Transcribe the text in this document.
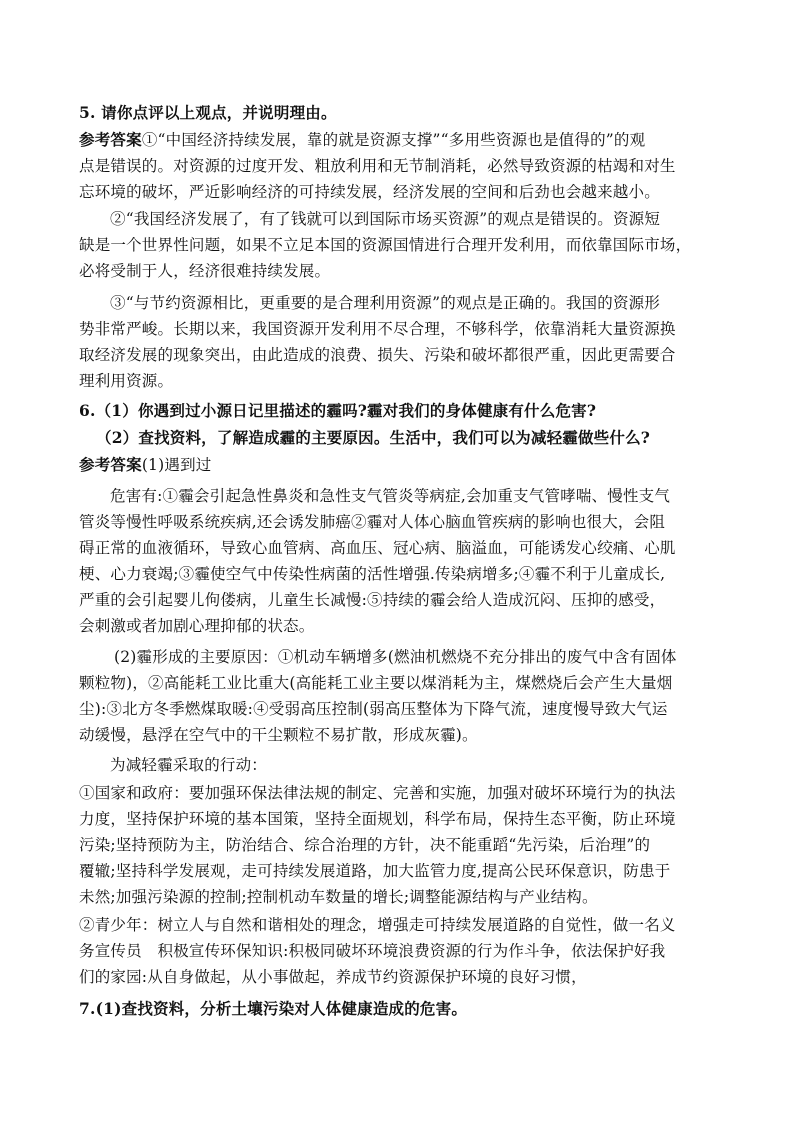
5. 请你点评以上观点，并说明理由。
参考答案①“中国经济持续发展，靠的就是资源支撑”“多用些资源也是值得的”的观
点是错误的。对资源的过度开发、粗放利用和无节制消耗，必然导致资源的枯竭和对生
忘环境的破坏，严近影响经济的可持续发展，经济发展的空间和后劲也会越来越小。
②“我国经济发展了，有了钱就可以到国际市场买资源”的观点是错误的。资源短
缺是一个世界性问题，如果不立足本国的资源国情进行合理开发利用，而依靠国际市场，
必将受制于人，经济很难持续发展。
③“与节约资源相比，更重要的是合理利用资源”的观点是正确的。我国的资源形
势非常严峻。长期以来，我国资源开发利用不尽合理，不够科学，依靠消耗大量资源换
取经济发展的现象突出，由此造成的浪费、损失、污染和破坏都很严重，因此更需要合
理利用资源。
6.（1）你遇到过小源日记里描述的霾吗?霾对我们的身体健康有什么危害?
（2）查找资料，了解造成霾的主要原因。生活中，我们可以为减轻霾做些什么?
参考答案(1)遇到过
危害有:①霾会引起急性鼻炎和急性支气管炎等病症,会加重支气管哮喘、慢性支气
管炎等慢性呼吸系统疾病,还会诱发肺癌②霾对人体心脑血管疾病的影响也很大，会阻
碍正常的血液循环，导致心血管病、高血压、冠心病、脑溢血，可能诱发心绞痛、心肌
梗、心力衰竭;③霾使空气中传染性病菌的活性增强.传染病增多;④霾不利于儿童成长,
严重的会引起婴儿佝偻病，儿童生长减慢:⑤持续的霾会给人造成沉闷、压抑的感受，
会刺激或者加剧心理抑郁的状态。
(2)霾形成的主要原因：①机动车辆增多(燃油机燃烧不充分排出的废气中含有固体
颗粒物)，②高能耗工业比重大(高能耗工业主要以煤消耗为主，煤燃烧后会产生大量烟
尘):③北方冬季燃煤取暖:④受弱高压控制(弱高压整体为下降气流，速度慢导致大气运
动缓慢，悬浮在空气中的干尘颗粒不易扩散，形成灰霾)。
为减轻霾采取的行动：
①国家和政府：要加强环保法律法规的制定、完善和实施，加强对破坏环境行为的执法
力度，坚持保护环境的基本国策，坚持全面规划，科学布局，保持生态平衡，防止环境
污染;坚持预防为主，防治结合、综合治理的方针，决不能重蹈“先污染，后治理”的
覆辙;坚持科学发展观，走可持续发展道路，加大监管力度,提高公民环保意识，防患于
未然;加强污染源的控制;控制机动车数量的增长;调整能源结构与产业结构。
②青少年：树立人与自然和谐相处的理念，增强走可持续发展道路的自觉性，做一名义
务宣传员　积极宣传环保知识:积极同破坏环境浪费资源的行为作斗争，依法保护好我
们的家园:从自身做起，从小事做起，养成节约资源保护环境的良好习惯，
7.(1)查找资料，分析土壤污染对人体健康造成的危害。
